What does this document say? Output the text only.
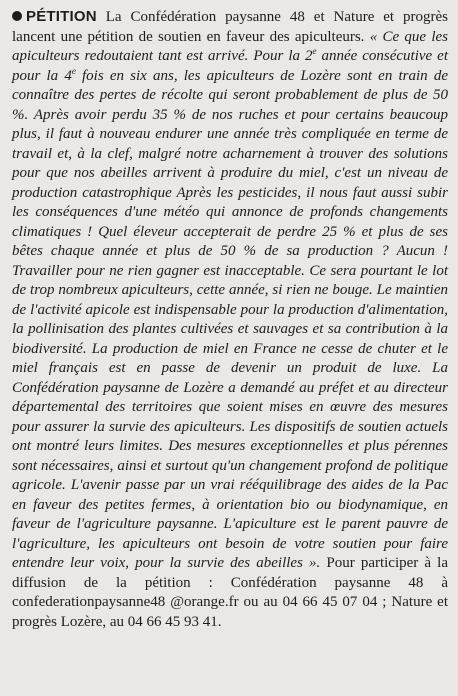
PÉTITION La Confédération paysanne 48 et Nature et progrès lancent une pétition de soutien en faveur des apiculteurs. « Ce que les apiculteurs redoutaient tant est arrivé. Pour la 2e année consécutive et pour la 4e fois en six ans, les apiculteurs de Lozère sont en train de connaître des pertes de récolte qui seront probablement de plus de 50 %. Après avoir perdu 35 % de nos ruches et pour certains beaucoup plus, il faut à nouveau endurer une année très compliquée en terme de travail et, à la clef, malgré notre acharnement à trouver des solutions pour que nos abeilles arrivent à produire du miel, c'est un niveau de production catastrophique Après les pesticides, il nous faut aussi subir les conséquences d'une météo qui annonce de profonds changements climatiques ! Quel éleveur accepterait de perdre 25 % et plus de ses bêtes chaque année et plus de 50 % de sa production ? Aucun ! Travailler pour ne rien gagner est inacceptable. Ce sera pourtant le lot de trop nombreux apiculteurs, cette année, si rien ne bouge. Le maintien de l'activité apicole est indispensable pour la production d'alimentation, la pollinisation des plantes cultivées et sauvages et sa contribution à la biodiversité. La production de miel en France ne cesse de chuter et le miel français est en passe de devenir un produit de luxe. La Confédération paysanne de Lozère a demandé au préfet et au directeur départemental des territoires que soient mises en œuvre des mesures pour assurer la survie des apiculteurs. Les dispositifs de soutien actuels ont montré leurs limites. Des mesures exceptionnelles et plus pérennes sont nécessaires, ainsi et surtout qu'un changement profond de politique agricole. L'avenir passe par un vrai rééquilibrage des aides de la Pac en faveur des petites fermes, à orientation bio ou biodynamique, en faveur de l'agriculture paysanne. L'apiculture est le parent pauvre de l'agriculture, les apiculteurs ont besoin de votre soutien pour faire entendre leur voix, pour la survie des abeilles ». Pour participer à la diffusion de la pétition : Confédération paysanne 48 à confederationpaysanne48 @orange.fr ou au 04 66 45 07 04 ; Nature et progrès Lozère, au 04 66 45 93 41.
